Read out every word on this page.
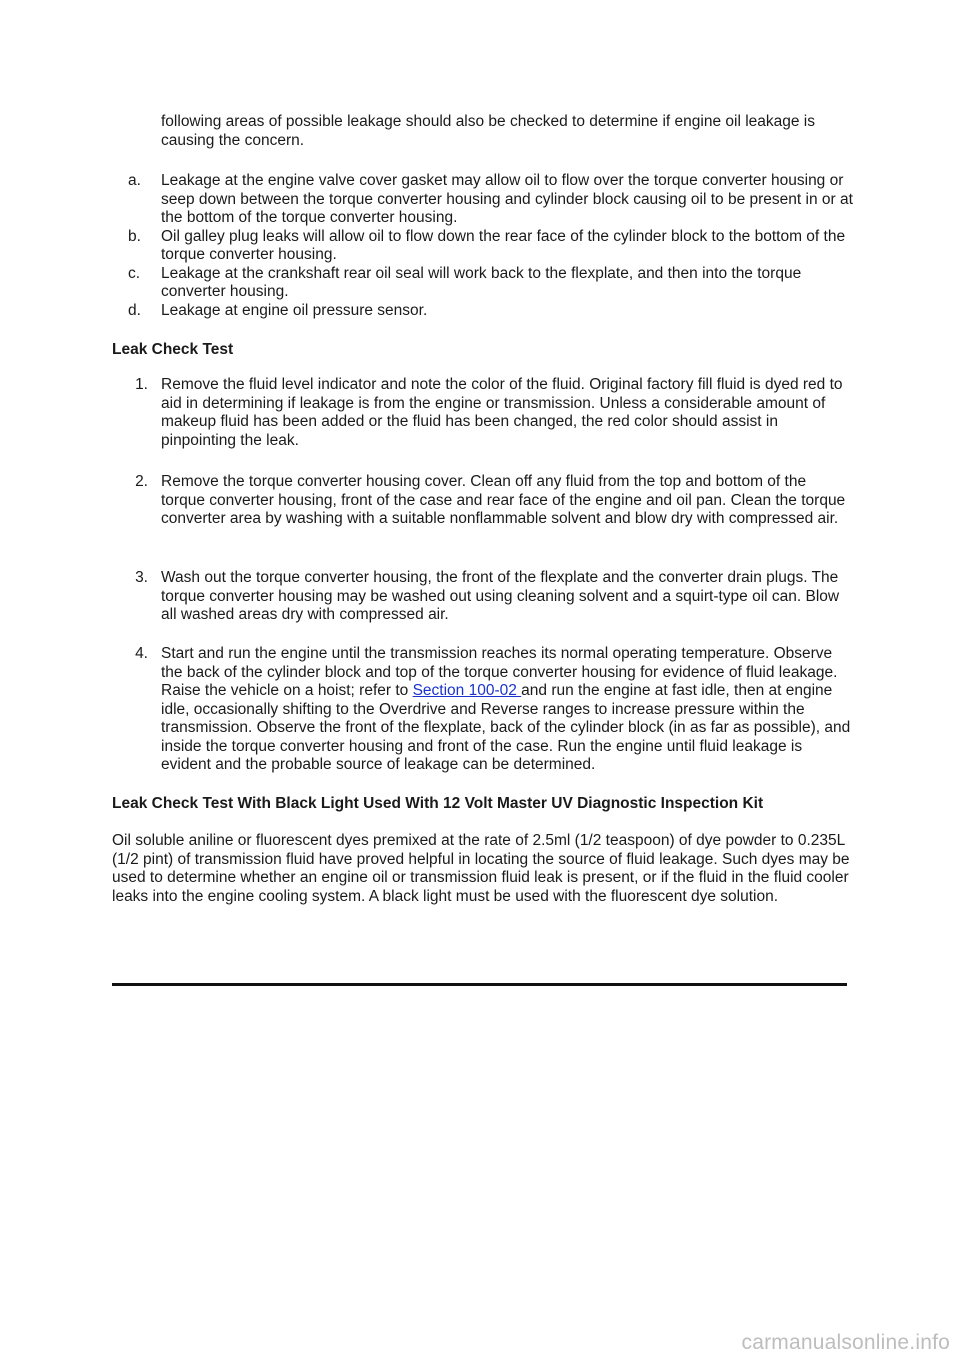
following areas of possible leakage should also be checked to determine if engine oil leakage is causing the concern.

a.	Leakage at the engine valve cover gasket may allow oil to flow over the torque converter housing or seep down between the torque converter housing and cylinder block causing oil to be present in or at the bottom of the torque converter housing.
b.	Oil galley plug leaks will allow oil to flow down the rear face of the cylinder block to the bottom of the torque converter housing.
c.	Leakage at the crankshaft rear oil seal will work back to the flexplate, and then into the torque converter housing.
d.	Leakage at engine oil pressure sensor.
Leak Check Test
1. Remove the fluid level indicator and note the color of the fluid. Original factory fill fluid is dyed red to aid in determining if leakage is from the engine or transmission. Unless a considerable amount of makeup fluid has been added or the fluid has been changed, the red color should assist in pinpointing the leak.
2. Remove the torque converter housing cover. Clean off any fluid from the top and bottom of the torque converter housing, front of the case and rear face of the engine and oil pan. Clean the torque converter area by washing with a suitable nonflammable solvent and blow dry with compressed air.
3. Wash out the torque converter housing, the front of the flexplate and the converter drain plugs. The torque converter housing may be washed out using cleaning solvent and a squirt-type oil can. Blow all washed areas dry with compressed air.
4. Start and run the engine until the transmission reaches its normal operating temperature. Observe the back of the cylinder block and top of the torque converter housing for evidence of fluid leakage. Raise the vehicle on a hoist; refer to Section 100-02 and run the engine at fast idle, then at engine idle, occasionally shifting to the Overdrive and Reverse ranges to increase pressure within the transmission. Observe the front of the flexplate, back of the cylinder block (in as far as possible), and inside the torque converter housing and front of the case. Run the engine until fluid leakage is evident and the probable source of leakage can be determined.
Leak Check Test With Black Light Used With 12 Volt Master UV Diagnostic Inspection Kit

Oil soluble aniline or fluorescent dyes premixed at the rate of 2.5ml (1/2 teaspoon) of dye powder to 0.235L (1/2 pint) of transmission fluid have proved helpful in locating the source of fluid leakage. Such dyes may be used to determine whether an engine oil or transmission fluid leak is present, or if the fluid in the fluid cooler leaks into the engine cooling system. A black light must be used with the fluorescent dye solution.

carmanualsonline.info
